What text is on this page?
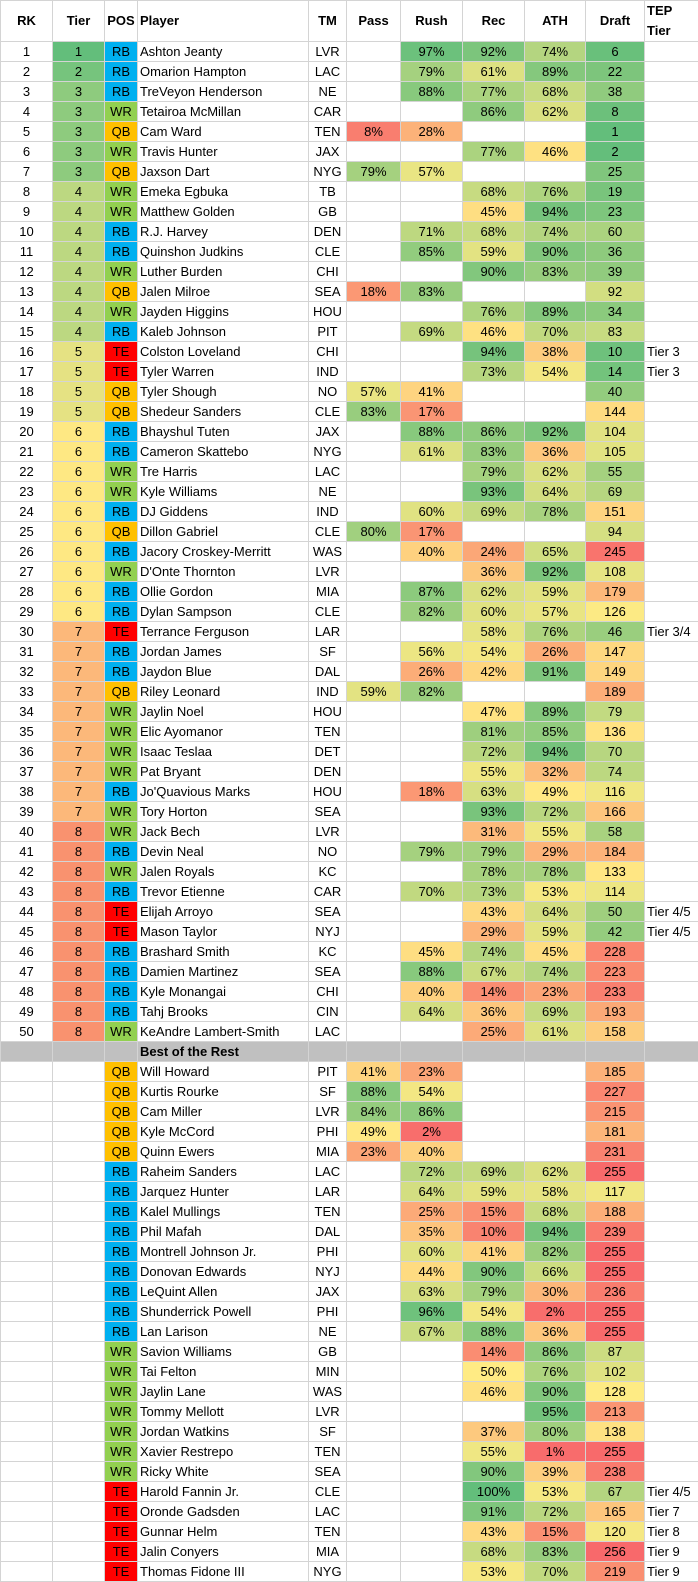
RK	Tier	POS	Player	TM	Pass	Rush	Rec	ATH	Draft	TEP Tier
1	1	RB	Ashton Jeanty	LVR		97%	92%	74%	6	
2	2	RB	Omarion Hampton	LAC		79%	61%	89%	22	
3	3	RB	TreVeyon Henderson	NE		88%	77%	68%	38	
4	3	WR	Tetairoa McMillan	CAR			86%	62%	8	
5	3	QB	Cam Ward	TEN	8%	28%			1	
6	3	WR	Travis Hunter	JAX			77%	46%	2	
7	3	QB	Jaxson Dart	NYG	79%	57%			25	
8	4	WR	Emeka Egbuka	TB			68%	76%	19	
9	4	WR	Matthew Golden	GB			45%	94%	23	
10	4	RB	R.J. Harvey	DEN		71%	68%	74%	60	
11	4	RB	Quinshon Judkins	CLE		85%	59%	90%	36	
12	4	WR	Luther Burden	CHI			90%	83%	39	
13	4	QB	Jalen Milroe	SEA	18%	83%			92	
14	4	WR	Jayden Higgins	HOU			76%	89%	34	
15	4	RB	Kaleb Johnson	PIT		69%	46%	70%	83	
16	5	TE	Colston Loveland	CHI			94%	38%	10	Tier 3
17	5	TE	Tyler Warren	IND			73%	54%	14	Tier 3
18	5	QB	Tyler Shough	NO	57%	41%			40	
19	5	QB	Shedeur Sanders	CLE	83%	17%			144	
20	6	RB	Bhayshul Tuten	JAX		88%	86%	92%	104	
21	6	RB	Cameron Skattebo	NYG		61%	83%	36%	105	
22	6	WR	Tre Harris	LAC			79%	62%	55	
23	6	WR	Kyle Williams	NE			93%	64%	69	
24	6	RB	DJ Giddens	IND		60%	69%	78%	151	
25	6	QB	Dillon Gabriel	CLE	80%	17%			94	
26	6	RB	Jacory Croskey-Merritt	WAS		40%	24%	65%	245	
27	6	WR	D'Onte Thornton	LVR			36%	92%	108	
28	6	RB	Ollie Gordon	MIA		87%	62%	59%	179	
29	6	RB	Dylan Sampson	CLE		82%	60%	57%	126	
30	7	TE	Terrance Ferguson	LAR			58%	76%	46	Tier 3/4
31	7	RB	Jordan James	SF		56%	54%	26%	147	
32	7	RB	Jaydon Blue	DAL		26%	42%	91%	149	
33	7	QB	Riley Leonard	IND	59%	82%			189	
34	7	WR	Jaylin Noel	HOU			47%	89%	79	
35	7	WR	Elic Ayomanor	TEN			81%	85%	136	
36	7	WR	Isaac Teslaa	DET			72%	94%	70	
37	7	WR	Pat Bryant	DEN			55%	32%	74	
38	7	RB	Jo'Quavious Marks	HOU		18%	63%	49%	116	
39	7	WR	Tory Horton	SEA			93%	72%	166	
40	8	WR	Jack Bech	LVR			31%	55%	58	
41	8	RB	Devin Neal	NO		79%	79%	29%	184	
42	8	WR	Jalen Royals	KC			78%	78%	133	
43	8	RB	Trevor Etienne	CAR		70%	73%	53%	114	
44	8	TE	Elijah Arroyo	SEA			43%	64%	50	Tier 4/5
45	8	TE	Mason Taylor	NYJ			29%	59%	42	Tier 4/5
46	8	RB	Brashard Smith	KC		45%	74%	45%	228	
47	8	RB	Damien Martinez	SEA		88%	67%	74%	223	
48	8	RB	Kyle Monangai	CHI		40%	14%	23%	233	
49	8	RB	Tahj Brooks	CIN		64%	36%	69%	193	
50	8	WR	KeAndre Lambert-Smith	LAC			25%	61%	158	
			Best of the Rest							
		QB	Will Howard	PIT	41%	23%			185	
		QB	Kurtis Rourke	SF	88%	54%			227	
		QB	Cam Miller	LVR	84%	86%			215	
		QB	Kyle McCord	PHI	49%	2%			181	
		QB	Quinn Ewers	MIA	23%	40%			231	
		RB	Raheim Sanders	LAC		72%	69%	62%	255	
		RB	Jarquez Hunter	LAR		64%	59%	58%	117	
		RB	Kalel Mullings	TEN		25%	15%	68%	188	
		RB	Phil Mafah	DAL		35%	10%	94%	239	
		RB	Montrell Johnson Jr.	PHI		60%	41%	82%	255	
		RB	Donovan Edwards	NYJ		44%	90%	66%	255	
		RB	LeQuint Allen	JAX		63%	79%	30%	236	
		RB	Shunderrick Powell	PHI		96%	54%	2%	255	
		RB	Lan Larison	NE		67%	88%	36%	255	
		WR	Savion Williams	GB			14%	86%	87	
		WR	Tai Felton	MIN			50%	76%	102	
		WR	Jaylin Lane	WAS			46%	90%	128	
		WR	Tommy Mellott	LVR				95%	213	
		WR	Jordan Watkins	SF			37%	80%	138	
		WR	Xavier Restrepo	TEN			55%	1%	255	
		WR	Ricky White	SEA			90%	39%	238	
		TE	Harold Fannin Jr.	CLE			100%	53%	67	Tier 4/5
		TE	Oronde Gadsden	LAC			91%	72%	165	Tier 7
		TE	Gunnar Helm	TEN			43%	15%	120	Tier 8
		TE	Jalin Conyers	MIA			68%	83%	256	Tier 9
		TE	Thomas Fidone III	NYG			53%	70%	219	Tier 9
